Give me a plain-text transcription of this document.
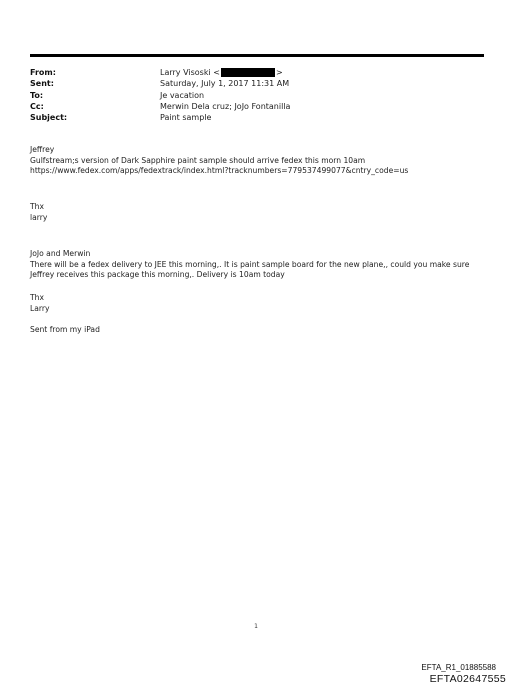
From:	Larry Visoski <	>
Sent:	Saturday, July 1, 2017 11:31 AM
To:	Je vacation
Cc:	Merwin Dela cruz; JoJo Fontanilla
Subject:	Paint sample
Jeffrey
Gulfstream;s version of Dark Sapphire paint sample should arrive fedex this morn 10am
https://www.fedex.com/apps/fedextrack/index.html?tracknumbers=779537499077&cntry_code=us
Thx
larry
JoJo and Merwin
There will be a fedex delivery to JEE this morning,. It is paint sample board for the new plane,, could you make sure
Jeffrey receives this package this morning,. Delivery is 10am today
Thx
Larry
Sent from my iPad
1
EFTA_R1_01885588
EFTA02647555
